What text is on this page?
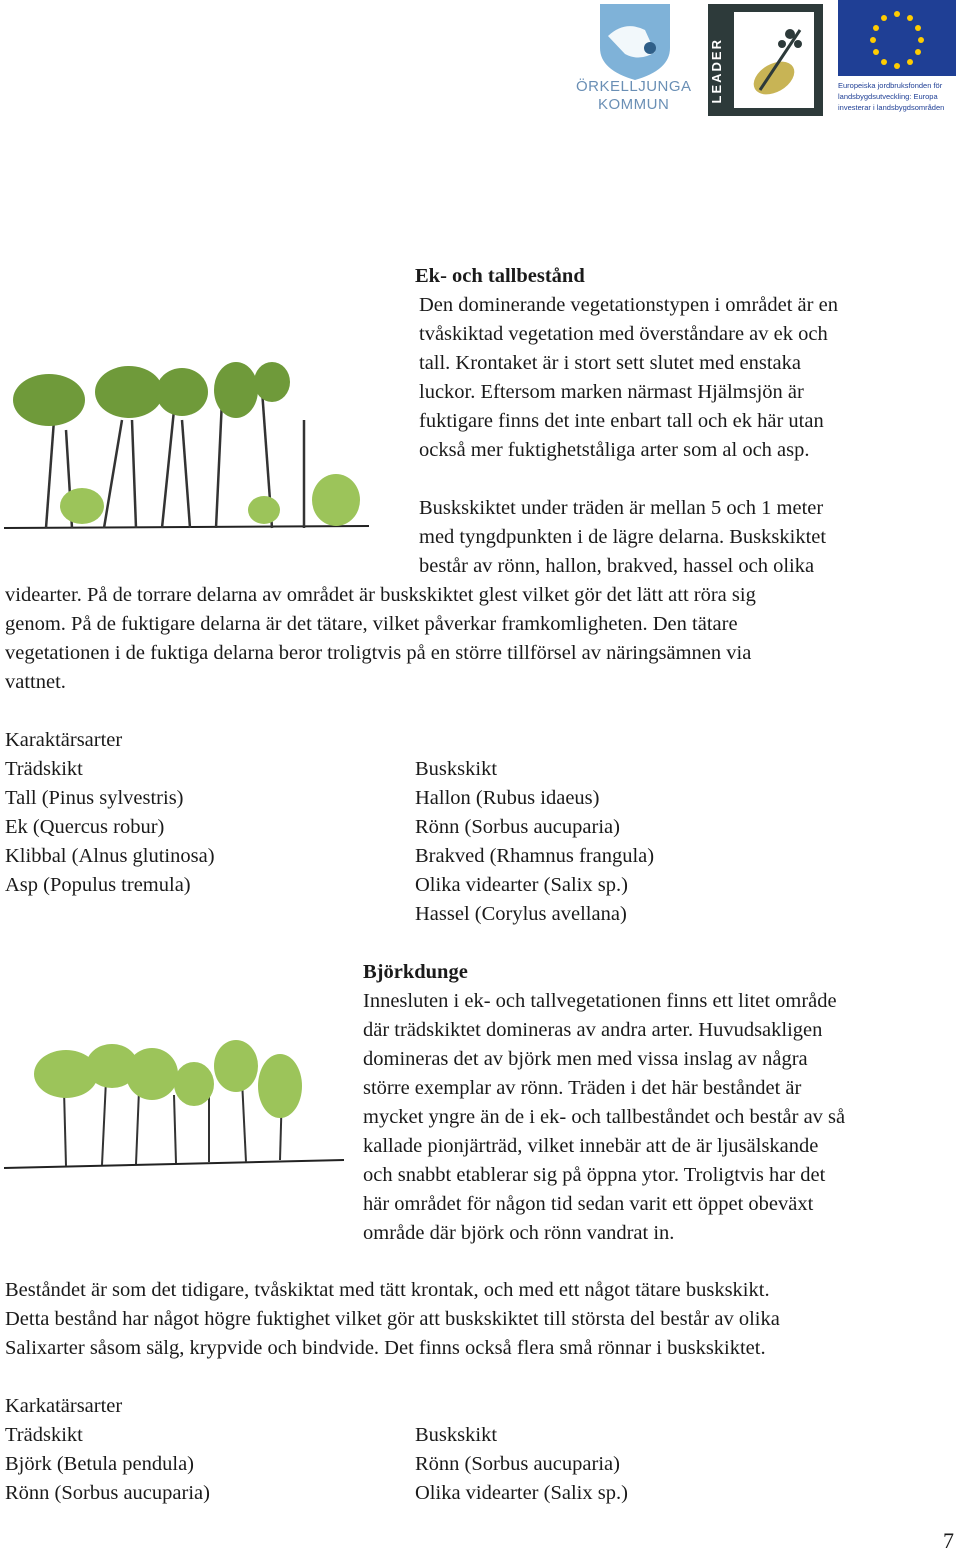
ÖRKELLJUNGA
KOMMUN
LEADER	Europeiska jordbruksfonden för
landsbygdsutveckling: Europa
investerar i landsbygdsområden
Ek- och tallbestånd
Den dominerande vegetationstypen i området är en
tvåskiktad vegetation med överståndare av ek och
tall. Krontaket är i stort sett slutet med enstaka
luckor. Eftersom marken närmast Hjälmsjön är
fuktigare finns det inte enbart tall och ek här utan
också mer fuktighetståliga arter som al och asp.
Buskskiktet under träden är mellan 5 och 1 meter
med tyngdpunkten i de lägre delarna. Buskskiktet
består av rönn, hallon, brakved, hassel och olika
videarter. På de torrare delarna av området är buskskiktet glest vilket gör det lätt att röra sig
genom. På de fuktigare delarna är det tätare, vilket påverkar framkomligheten. Den tätare
vegetationen i de fuktiga delarna beror troligtvis på en större tillförsel av näringsämnen via
vattnet.
Karaktärsarter
Trädskikt
Tall (Pinus sylvestris)
Ek (Quercus robur)
Klibbal (Alnus glutinosa)
Asp (Populus tremula)
Buskskikt
Hallon (Rubus idaeus)
Rönn (Sorbus aucuparia)
Brakved (Rhamnus frangula)
Olika videarter (Salix sp.)
Hassel (Corylus avellana)
Björkdunge
Innesluten i ek- och tallvegetationen finns ett litet område
där trädskiktet domineras av andra arter. Huvudsakligen
domineras det av björk men med vissa inslag av några
större exemplar av rönn. Träden i det här beståndet är
mycket yngre än de i ek- och tallbeståndet och består av så
kallade pionjärträd, vilket innebär att de är ljusälskande
och snabbt etablerar sig på öppna ytor. Troligtvis har det
här området för någon tid sedan varit ett öppet obeväxt
område där björk och rönn vandrat in.
Beståndet är som det tidigare, tvåskiktat med tätt krontak, och med ett något tätare buskskikt.
Detta bestånd har något högre fuktighet vilket gör att buskskiktet till största del består av olika
Salixarter såsom sälg, krypvide och bindvide. Det finns också flera små rönnar i buskskiktet.
Karkatärsarter
Trädskikt
Björk (Betula pendula)
Rönn (Sorbus aucuparia)
Buskskikt
Rönn (Sorbus aucuparia)
Olika videarter (Salix sp.)
7
